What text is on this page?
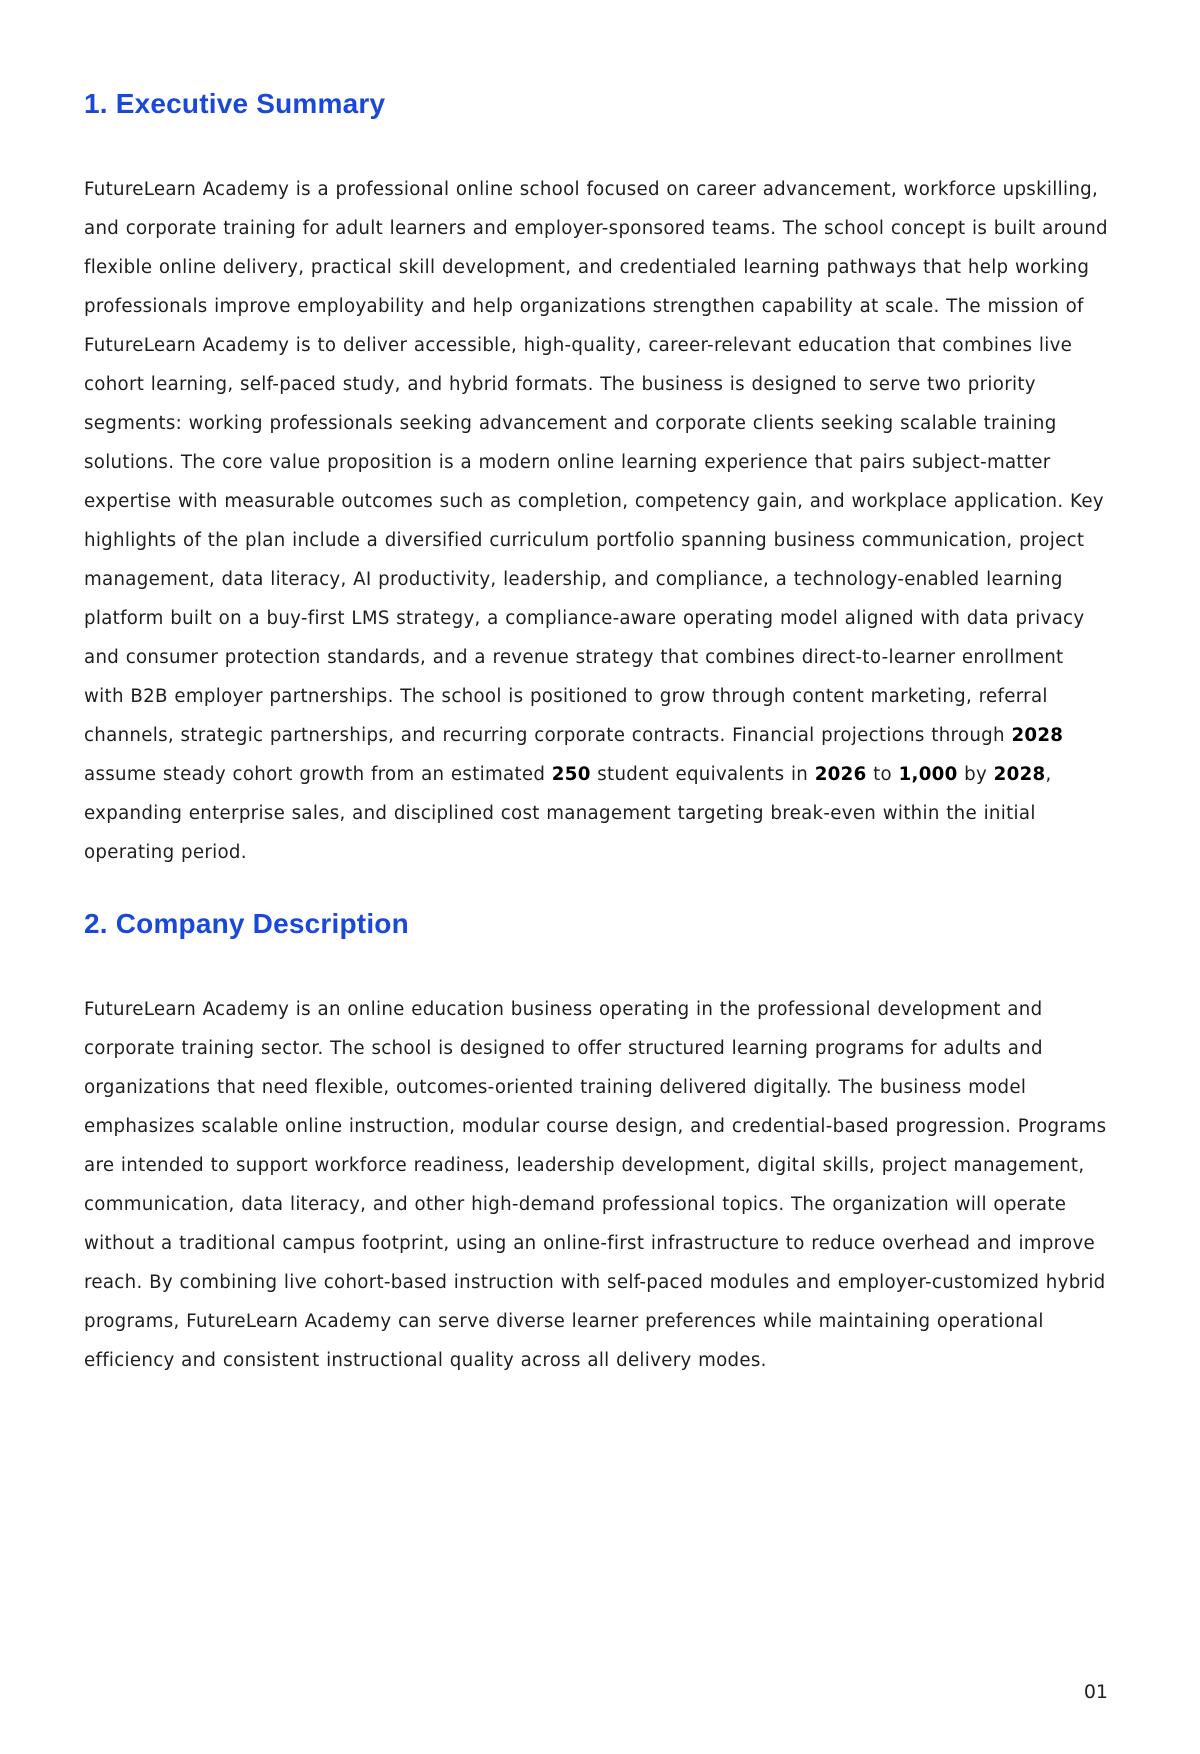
1. Executive Summary

FutureLearn Academy is a professional online school focused on career advancement, workforce upskilling, and corporate training for adult learners and employer-sponsored teams. The school concept is built around flexible online delivery, practical skill development, and credentialed learning pathways that help working professionals improve employability and help organizations strengthen capability at scale. The mission of FutureLearn Academy is to deliver accessible, high-quality, career-relevant education that combines live cohort learning, self-paced study, and hybrid formats. The business is designed to serve two priority segments: working professionals seeking advancement and corporate clients seeking scalable training solutions. The core value proposition is a modern online learning experience that pairs subject-matter expertise with measurable outcomes such as completion, competency gain, and workplace application. Key highlights of the plan include a diversified curriculum portfolio spanning business communication, project management, data literacy, AI productivity, leadership, and compliance, a technology-enabled learning platform built on a buy-first LMS strategy, a compliance-aware operating model aligned with data privacy and consumer protection standards, and a revenue strategy that combines direct-to-learner enrollment with B2B employer partnerships. The school is positioned to grow through content marketing, referral channels, strategic partnerships, and recurring corporate contracts. Financial projections through 2028 assume steady cohort growth from an estimated 250 student equivalents in 2026 to 1,000 by 2028, expanding enterprise sales, and disciplined cost management targeting break-even within the initial operating period.

2. Company Description

FutureLearn Academy is an online education business operating in the professional development and corporate training sector. The school is designed to offer structured learning programs for adults and organizations that need flexible, outcomes-oriented training delivered digitally. The business model emphasizes scalable online instruction, modular course design, and credential-based progression. Programs are intended to support workforce readiness, leadership development, digital skills, project management, communication, data literacy, and other high-demand professional topics. The organization will operate without a traditional campus footprint, using an online-first infrastructure to reduce overhead and improve reach. By combining live cohort-based instruction with self-paced modules and employer-customized hybrid programs, FutureLearn Academy can serve diverse learner preferences while maintaining operational efficiency and consistent instructional quality across all delivery modes.

01
